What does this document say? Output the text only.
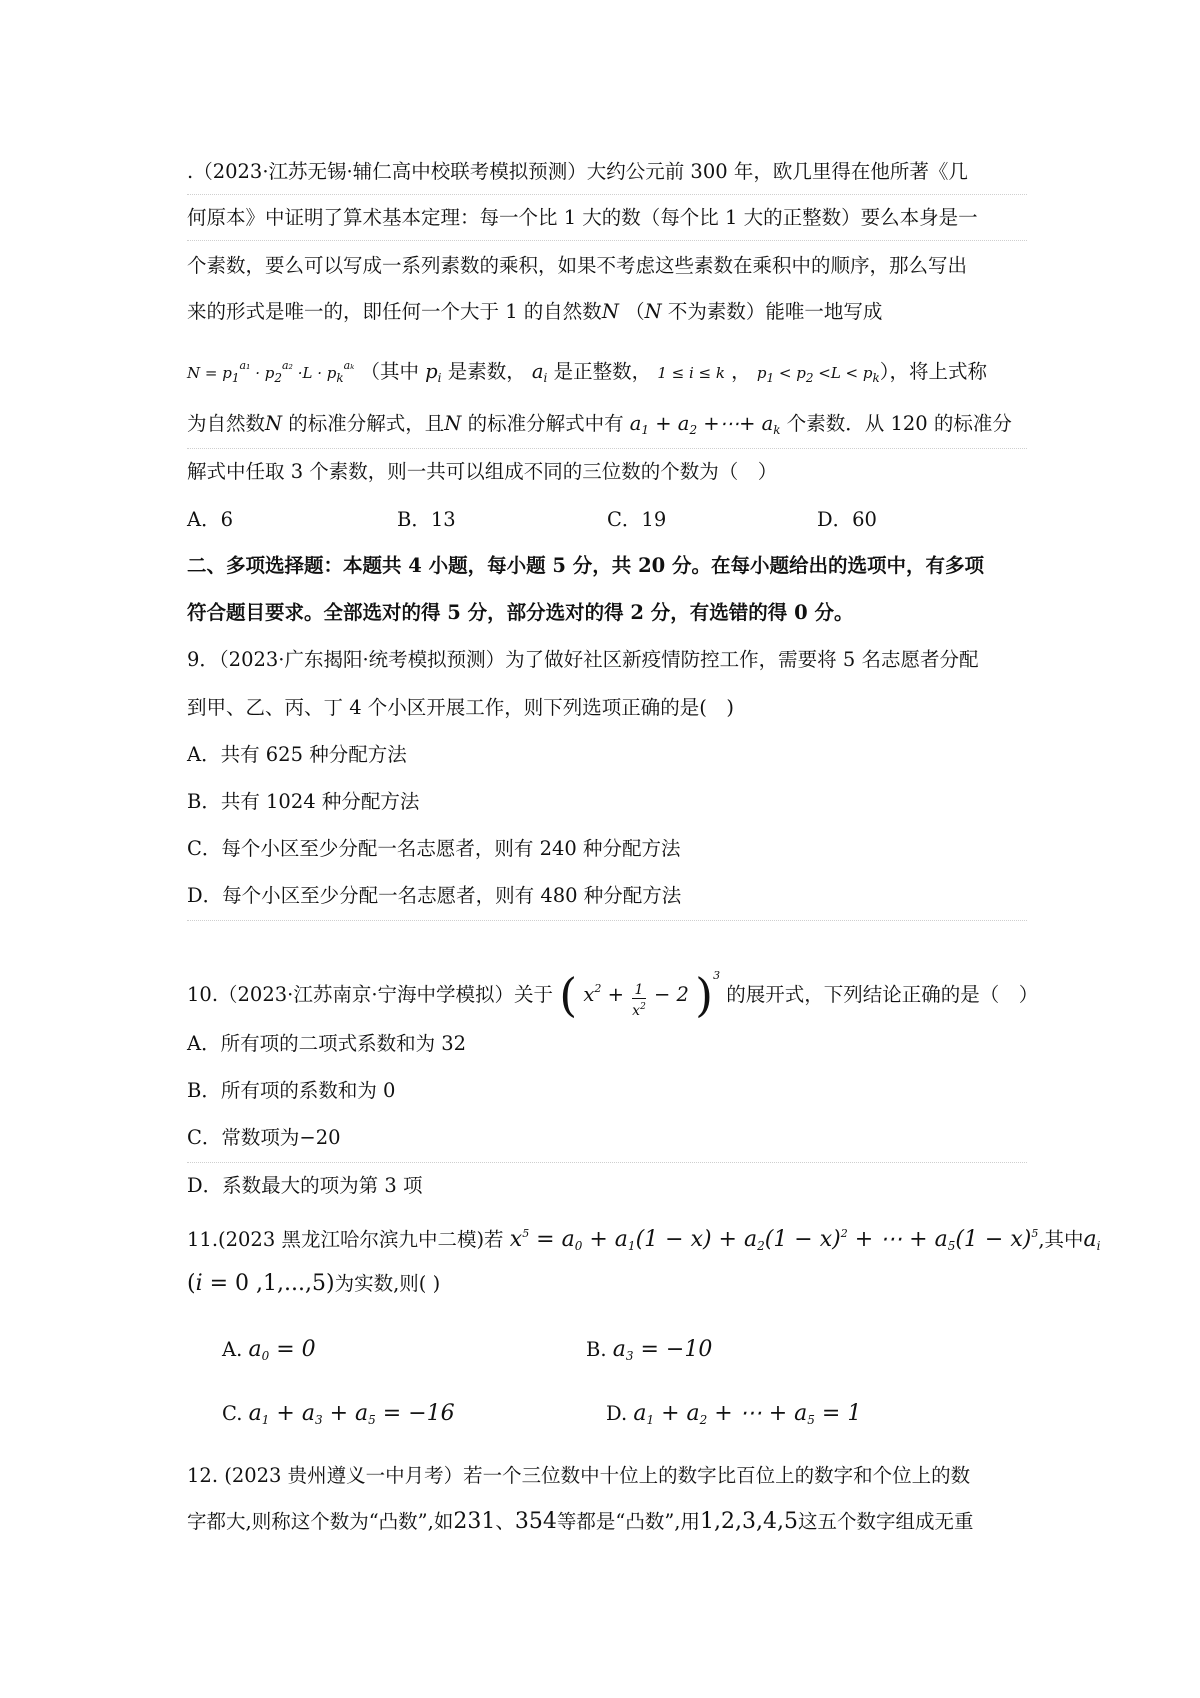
.（2023·江苏无锡·辅仁高中校联考模拟预测）大约公元前 300 年，欧几里得在他所著《几
何原本》中证明了算术基本定理：每一个比 1 大的数（每个比 1 大的正整数）要么本身是一
个素数，要么可以写成一系列素数的乘积，如果不考虑这些素数在乘积中的顺序，那么写出
来的形式是唯一的，即任何一个大于 1 的自然数N （N 不为素数）能唯一地写成
$N = p_1^{a_1} \cdot p_2^{a_2} \cdot L \cdot p_k^{a_k}$ （其中 $p_i$ 是素数， $a_i$ 是正整数， 1 ≤ i ≤ k ， $p_1 < p_2 <L < p_k$），将上式称
为自然数N 的标准分解式，且N 的标准分解式中有 $a_1 + a_2$ +⋯+ $a_k$ 个素数．从 120 的标准分
解式中任取 3 个素数，则一共可以组成不同的三位数的个数为（　）
A．6	B．13	C．19	D．60
二、多项选择题：本题共 4 小题，每小题 5 分，共 20 分。在每小题给出的选项中，有多项
符合题目要求。全部选对的得 5 分，部分选对的得 2 分，有选错的得 0 分。
9．（2023·广东揭阳·统考模拟预测）为了做好社区新疫情防控工作，需要将 5 名志愿者分配
到甲、乙、丙、丁 4 个小区开展工作，则下列选项正确的是(　)
A．共有 625 种分配方法
B．共有 1024 种分配方法
C．每个小区至少分配一名志愿者，则有 240 种分配方法
D．每个小区至少分配一名志愿者，则有 480 种分配方法
10.（2023·江苏南京·宁海中学模拟）关于 ( $x^2 + \frac{1}{x^2} - 2$ )$^3$ 的展开式，下列结论正确的是（　）
A．所有项的二项式系数和为 32
B．所有项的系数和为 0
C．常数项为−20
D．系数最大的项为第 3 项
11.(2023 黑龙江哈尔滨九中二模)若 $x^5 = a_0 + a_1(1 - x) + a_2(1 - x)^2$ + ⋯ + $a_5(1 - x)^5$,其中$a_i$
(i = 0 ,1,...,5)为实数,则( )
A. $a_0 = 0$	B. $a_3 = -10$
C. $a_1 + a_3 + a_5 = -16$	D. $a_1 + a_2$ + ⋯ + $a_5 = 1$
12. (2023 贵州遵义一中月考）若一个三位数中十位上的数字比百位上的数字和个位上的数
字都大,则称这个数为“凸数”,如231、354等都是“凸数”,用1,2,3,4,5这五个数字组成无重
